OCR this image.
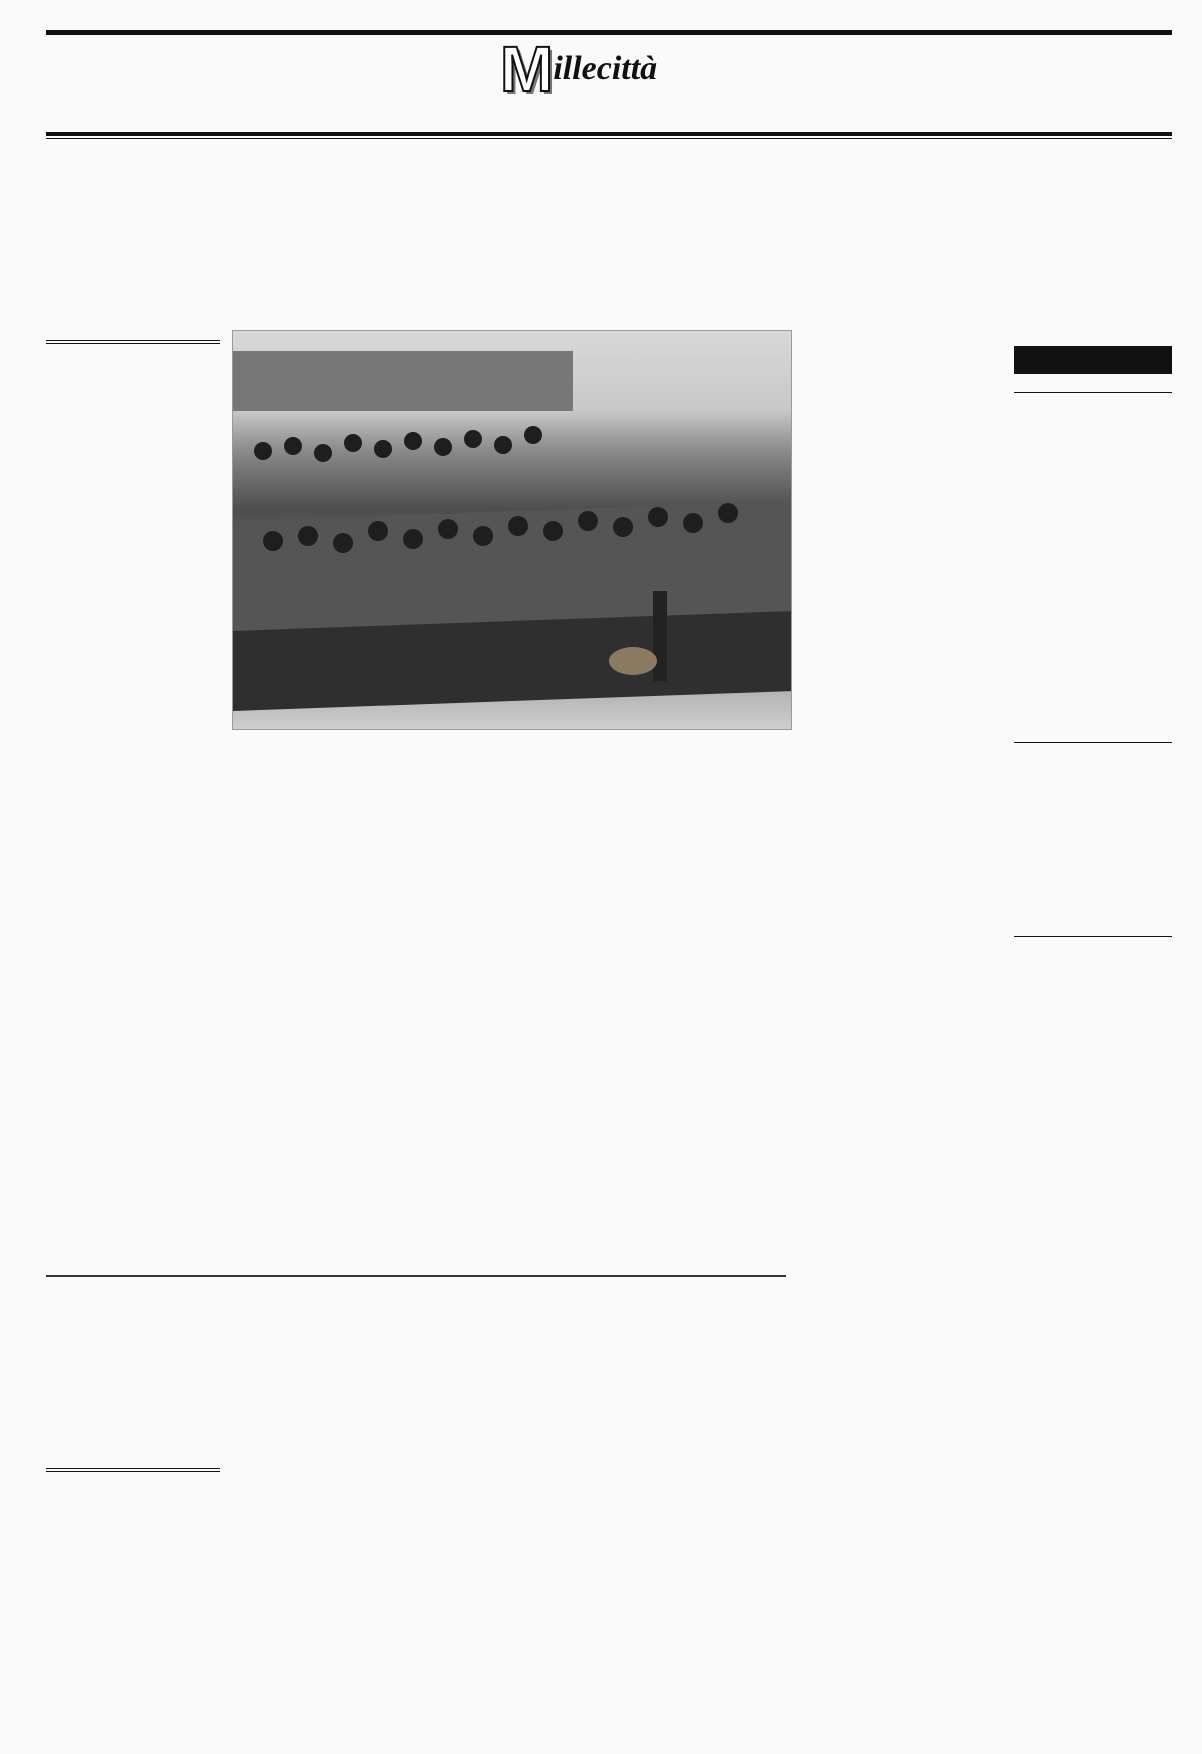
Millecittà
